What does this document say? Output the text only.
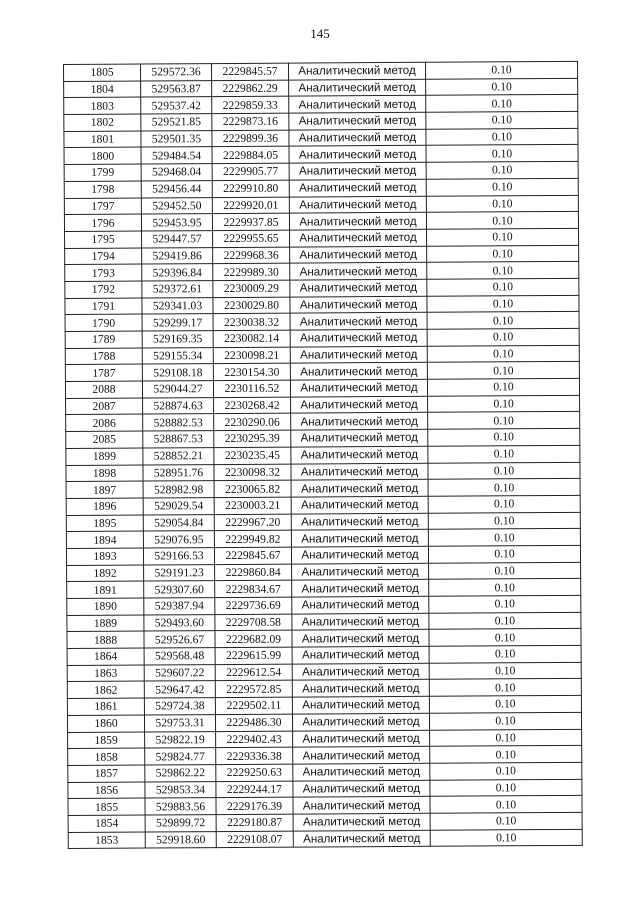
145
1805	529572.36	2229845.57	Аналитический метод	0.10
1804	529563.87	2229862.29	Аналитический метод	0.10
1803	529537.42	2229859.33	Аналитический метод	0.10
1802	529521.85	2229873.16	Аналитический метод	0.10
1801	529501.35	2229899.36	Аналитический метод	0.10
1800	529484.54	2229884.05	Аналитический метод	0.10
1799	529468.04	2229905.77	Аналитический метод	0.10
1798	529456.44	2229910.80	Аналитический метод	0.10
1797	529452.50	2229920.01	Аналитический метод	0.10
1796	529453.95	2229937.85	Аналитический метод	0.10
1795	529447.57	2229955.65	Аналитический метод	0.10
1794	529419.86	2229968.36	Аналитический метод	0.10
1793	529396.84	2229989.30	Аналитический метод	0.10
1792	529372.61	2230009.29	Аналитический метод	0.10
1791	529341.03	2230029.80	Аналитический метод	0.10
1790	529299.17	2230038.32	Аналитический метод	0.10
1789	529169.35	2230082.14	Аналитический метод	0.10
1788	529155.34	2230098.21	Аналитический метод	0.10
1787	529108.18	2230154.30	Аналитический метод	0.10
2088	529044.27	2230116.52	Аналитический метод	0.10
2087	528874.63	2230268.42	Аналитический метод	0.10
2086	528882.53	2230290.06	Аналитический метод	0.10
2085	528867.53	2230295.39	Аналитический метод	0.10
1899	528852.21	2230235.45	Аналитический метод	0.10
1898	528951.76	2230098.32	Аналитический метод	0.10
1897	528982.98	2230065.82	Аналитический метод	0.10
1896	529029.54	2230003.21	Аналитический метод	0.10
1895	529054.84	2229967.20	Аналитический метод	0.10
1894	529076.95	2229949.82	Аналитический метод	0.10
1893	529166.53	2229845.67	Аналитический метод	0.10
1892	529191.23	2229860.84	Аналитический метод	0.10
1891	529307.60	2229834.67	Аналитический метод	0.10
1890	529387.94	2229736.69	Аналитический метод	0.10
1889	529493.60	2229708.58	Аналитический метод	0.10
1888	529526.67	2229682.09	Аналитический метод	0.10
1864	529568.48	2229615.99	Аналитический метод	0.10
1863	529607.22	2229612.54	Аналитический метод	0.10
1862	529647.42	2229572.85	Аналитический метод	0.10
1861	529724.38	2229502.11	Аналитический метод	0.10
1860	529753.31	2229486.30	Аналитический метод	0.10
1859	529822.19	2229402.43	Аналитический метод	0.10
1858	529824.77	2229336.38	Аналитический метод	0.10
1857	529862.22	2229250.63	Аналитический метод	0.10
1856	529853.34	2229244.17	Аналитический метод	0.10
1855	529883.56	2229176.39	Аналитический метод	0.10
1854	529899.72	2229180.87	Аналитический метод	0.10
1853	529918.60	2229108.07	Аналитический метод	0.10
